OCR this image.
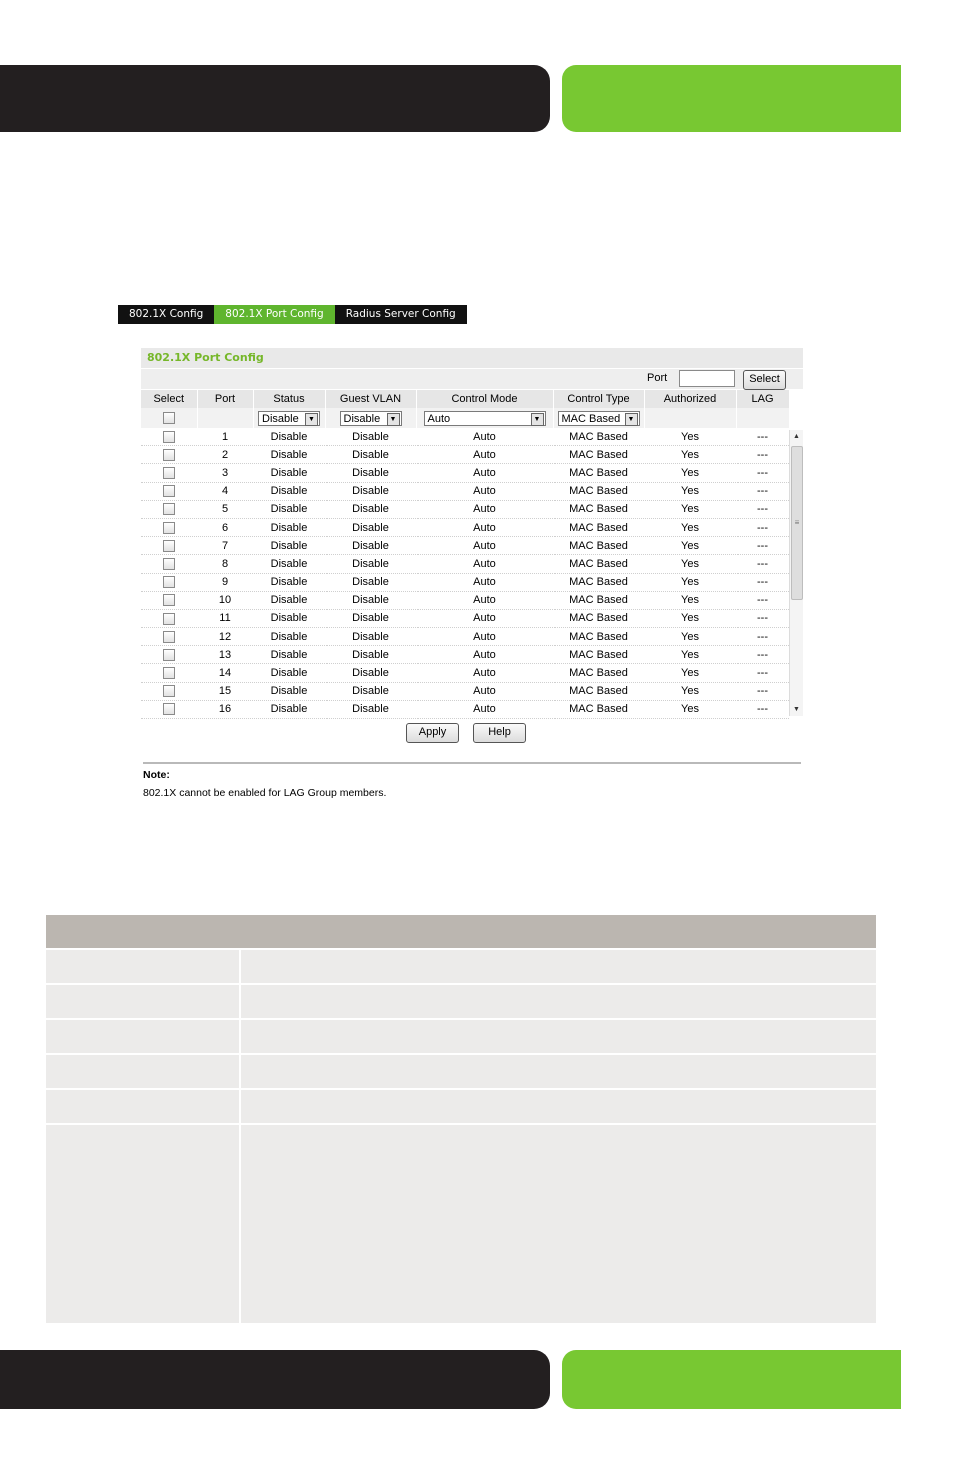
802.1X Config	802.1X Port Config	Radius Server Config
802.1X Port Config
Port	Select
Select	Port	Status	Guest VLAN	Control Mode	Control Type	Authorized	LAG
		Disable ▼	Disable ▼	Auto ▼	MAC Based ▼		

	1	Disable	Disable	Auto	MAC Based	Yes	---
	2	Disable	Disable	Auto	MAC Based	Yes	---
	3	Disable	Disable	Auto	MAC Based	Yes	---
	4	Disable	Disable	Auto	MAC Based	Yes	---
	5	Disable	Disable	Auto	MAC Based	Yes	---
	6	Disable	Disable	Auto	MAC Based	Yes	---
	7	Disable	Disable	Auto	MAC Based	Yes	---
	8	Disable	Disable	Auto	MAC Based	Yes	---
	9	Disable	Disable	Auto	MAC Based	Yes	---
	10	Disable	Disable	Auto	MAC Based	Yes	---
	11	Disable	Disable	Auto	MAC Based	Yes	---
	12	Disable	Disable	Auto	MAC Based	Yes	---
	13	Disable	Disable	Auto	MAC Based	Yes	---
	14	Disable	Disable	Auto	MAC Based	Yes	---
	15	Disable	Disable	Auto	MAC Based	Yes	---
	16	Disable	Disable	Auto	MAC Based	Yes	---
▲
≡
▼
Apply	Help
Note:
802.1X cannot be enabled for LAG Group members.
